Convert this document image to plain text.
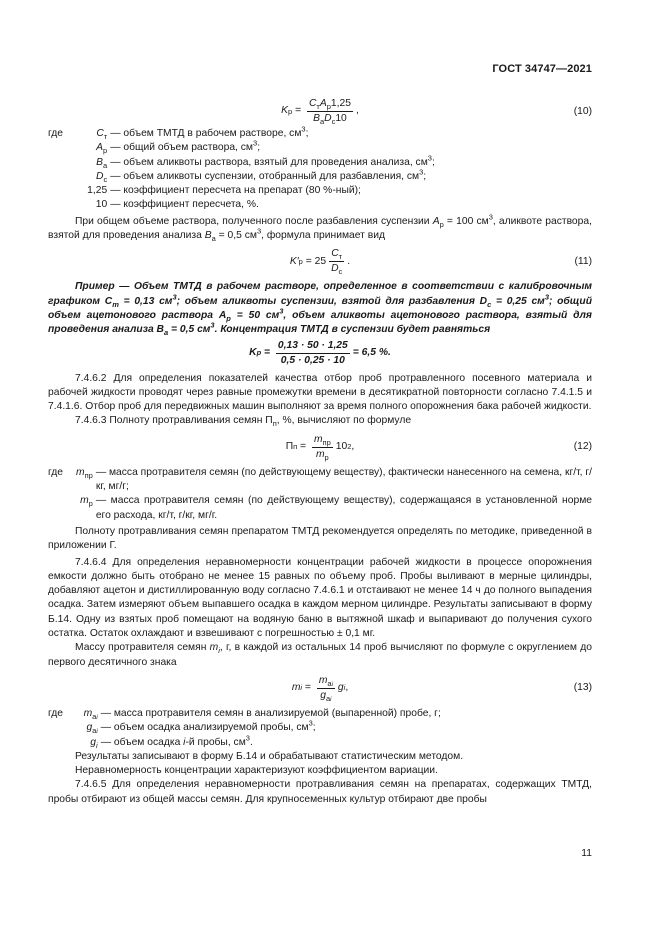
ГОСТ 34747—2021
K $р = \frac{C_тA_р1,25}{B_аD_с10}$ ,	(10)
где	$C_т$	— объем ТМТД в рабочем растворе, $см^3$;
	$A_р$	— общий объем раствора, $см^3$;
	$B_а$	— объем аликвоты раствора, взятый для проведения анализа, $см^3$;
	$D_с$	— объем аликвоты суспензии, отобранный для разбавления, $см^3$;
	1,25	— коэффициент пересчета на препарат (80 %-ный);
	10	— коэффициент пересчета, %.

При общем объеме раствора, полученного после разбавления суспензии $A_р = 100$ $см^3$, аликвоте раствора, взятой для проведения анализа $B_а = 0,5$ $см^3$, формула принимает вид

K′ $р = 25 \frac{C_т}{D_с}$ .	(11)

Пример — Объем ТМТД в рабочем растворе, определенное в соответствии с калибровочным графиком $C_т = 0,13$ $см^3$; объем аликвоты суспензии, взятой для разбавления $D_с = 0,25$ $см^3$; общий объем ацетонового раствора $A_р = 50$ $см^3$, объем аликвоты ацетонового раствора, взятый для проведения анализа $B_а = 0,5$ $см^3$. Концентрация ТМТД в суспензии будет равняться

K $р = \frac{0,13 \cdot 50 \cdot 1,25}{0,5 \cdot 0,25 \cdot 10} = 6,5$ %.

7.4.6.2 Для определения показателей качества отбор проб протравленного посевного материала и рабочей жидкости проводят через равные промежутки времени в десятикратной повторности согласно 7.4.1.5 и 7.4.1.6. Отбор проб для передвижных машин выполняют за время полного опорожнения бака рабочей жидкости.

7.4.6.3 Полноту протравливания семян $П_п$, %, вычисляют по формуле

П $п = \frac{m_{пр}}{m_р} 10$ 2 ,	(12)
где	$m_{пр}$	— масса протравителя семян (по действующему веществу), фактически нанесенного на семена, кг/т, г/кг, мг/г;
	$m_р$	— масса протравителя семян (по действующему веществу), содержащаяся в установленной норме его расхода, кг/т, г/кг, мг/г.

Полноту протравливания семян препаратом ТМТД рекомендуется определять по методике, приведенной в приложении Г.

7.4.6.4 Для определения неравномерности концентрации рабочей жидкости в процессе опорожнения емкости должно быть отобрано не менее 15 равных по объему проб. Пробы выливают в мерные цилиндры, добавляют ацетон и дистиллированную воду согласно 7.4.6.1 и отстаивают не менее 14 ч до полного выпадения осадка. Затем измеряют объем выпавшего осадка в каждом мерном цилиндре. Результаты записывают в форму Б.14. Одну из взятых проб помещают на водяную баню в вытяжной шкаф и выпаривают до получения сухого остатка. Остаток охлаждают и взвешивают с погрешностью ± 0,1 мг.

Массу протравителя семян $m_i$, г, в каждой из остальных 14 проб вычисляют по формуле с округлением до первого десятичного знака

m $i = \frac{m_{аi}}{g_{аi}}$ g i ,	(13)
где	$m_{аi}$	— масса протравителя семян в анализируемой (выпаренной) пробе, г;
	$g_{аi}$	— объем осадка анализируемой пробы, $см^3$;
	$g_i$	— объем осадка i-й пробы, $см^3$.

Результаты записывают в форму Б.14 и обрабатывают статистическим методом.

Неравномерность концентрации характеризуют коэффициентом вариации.

7.4.6.5 Для определения неравномерности протравливания семян на препаратах, содержащих ТМТД, пробы отбирают из общей массы семян. Для крупносеменных культур отбирают две пробы

11
